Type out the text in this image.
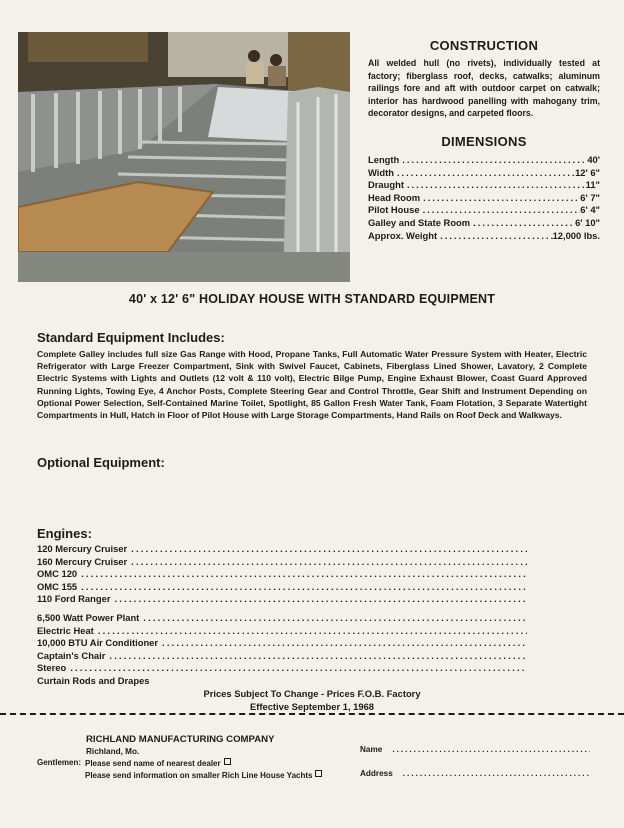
CONSTRUCTION

All welded hull (no rivets), individually tested at factory; fiberglass roof, decks, catwalks; aluminum railings fore and aft with outdoor carpet on catwalk; interior has hardwood panelling with mahogany trim, decorator designs, and carpeted floors.

DIMENSIONS
Length .....	40'
Width .....	12' 6"
Draught .....	11"
Head Room .....	6' 7"
Pilot House .....	6' 4"
Galley and State Room .....	6' 10"
Approx. Weight .....	12,000 lbs.
40' x 12' 6" HOLIDAY HOUSE WITH STANDARD EQUIPMENT
Standard Equipment Includes:

Complete Galley includes full size Gas Range with Hood, Propane Tanks, Full Automatic Water Pressure System with Heater, Electric Refrigerator with Large Freezer Compartment, Sink with Swivel Faucet, Cabinets, Fiberglass Lined Shower, Lavatory, 2 Complete Electric Systems with Lights and Outlets (12 volt & 110 volt), Electric Bilge Pump, Engine Exhaust Blower, Coast Guard Approved Running Lights, Towing Eye, 4 Anchor Posts, Complete Steering Gear and Control Throttle, Gear Shift and Instrument Depending on Optional Power Selection, Self-Contained Marine Toilet, Spotlight, 85 Gallon Fresh Water Tank, Foam Flotation, 3 Separate Watertight Compartments in Hull, Hatch in Floor of Pilot House with Large Storage Compartments, Hand Rails on Roof Deck and Walkways.

Optional Equipment:
Engines:
120 Mercury Cruiser
.....
160 Mercury Cruiser
.....
OMC 120
.....
OMC 155
.....
110 Ford Ranger
.....
6,500 Watt Power Plant
.....
Electric Heat
.....
10,000 BTU Air Conditioner
.....
Captain's Chair
.....
Stereo
.....
Curtain Rods and Drapes
Prices Subject To Change - Prices F.O.B. Factory
Effective September 1, 1968
RICHLAND MANUFACTURING COMPANY
Richland, Mo.	Name
.....
Address
.....
Gentlemen: Please send name of nearest dealer
Please send information on smaller Rich Line House Yachts
